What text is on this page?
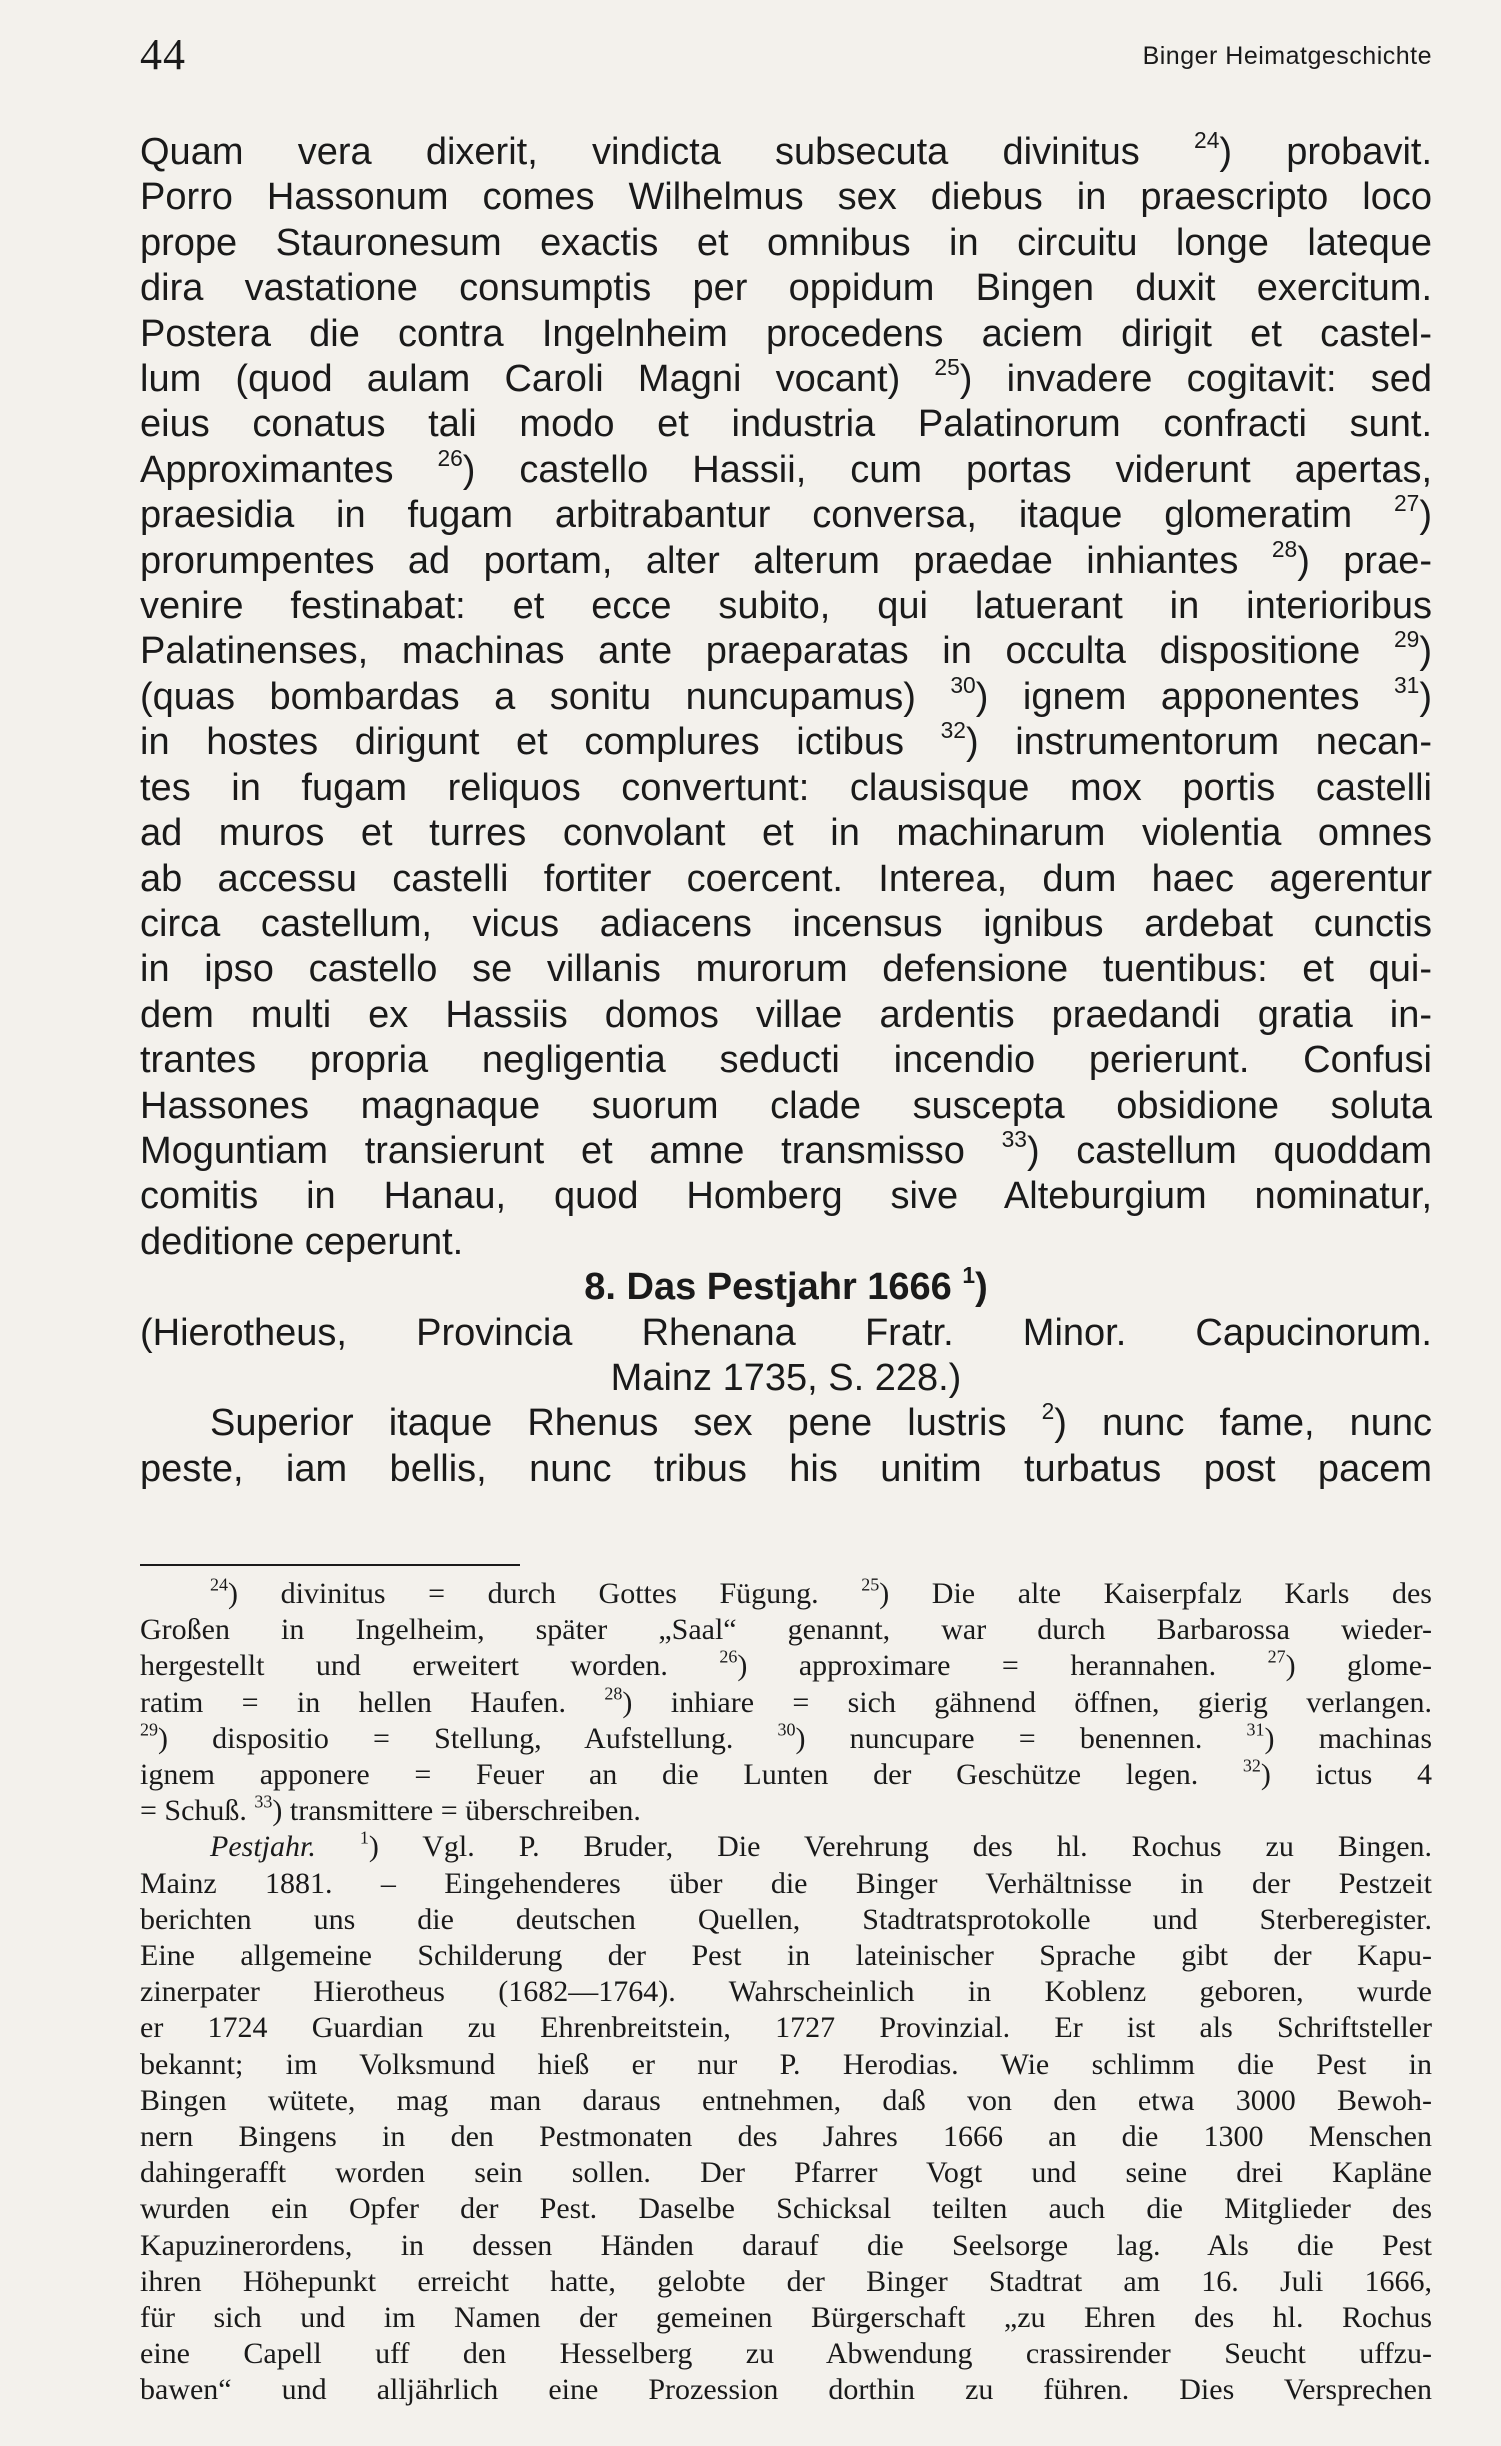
44	Binger Heimatgeschichte
Quam vera dixerit, vindicta subsecuta divinitus $^{24}$) probavit.
Porro Hassonum comes Wilhelmus sex diebus in praescripto loco
prope Stauronesum exactis et omnibus in circuitu longe lateque
dira vastatione consumptis per oppidum Bingen duxit exercitum.
Postera die contra Ingelnheim procedens aciem dirigit et castel-
lum (quod aulam Caroli Magni vocant) $^{25}$) invadere cogitavit: sed
eius conatus tali modo et industria Palatinorum confracti sunt.
Approximantes $^{26}$) castello Hassii, cum portas viderunt apertas,
praesidia in fugam arbitrabantur conversa, itaque glomeratim $^{27}$)
prorumpentes ad portam, alter alterum praedae inhiantes $^{28}$) prae-
venire festinabat: et ecce subito, qui latuerant in interioribus
Palatinenses, machinas ante praeparatas in occulta dispositione $^{29}$)
(quas bombardas a sonitu nuncupamus) $^{30}$) ignem apponentes $^{31}$)
in hostes dirigunt et complures ictibus $^{32}$) instrumentorum necan-
tes in fugam reliquos convertunt: clausisque mox portis castelli
ad muros et turres convolant et in machinarum violentia omnes
ab accessu castelli fortiter coercent. Interea, dum haec agerentur
circa castellum, vicus adiacens incensus ignibus ardebat cunctis
in ipso castello se villanis murorum defensione tuentibus: et qui-
dem multi ex Hassiis domos villae ardentis praedandi gratia in-
trantes propria negligentia seducti incendio perierunt. Confusi
Hassones magnaque suorum clade suscepta obsidione soluta
Moguntiam transierunt et amne transmisso $^{33}$) castellum quoddam
comitis in Hanau, quod Homberg sive Alteburgium nominatur,
deditione ceperunt.
8. Das Pestjahr 1666 $^1$)
(Hierotheus, Provincia Rhenana Fratr. Minor. Capucinorum.
Mainz 1735, S. 228.)
Superior itaque Rhenus sex pene lustris $^2$) nunc fame, nunc
peste, iam bellis, nunc tribus his unitim turbatus post pacem
$^{24}$) divinitus = durch Gottes Fügung. $^{25}$) Die alte Kaiserpfalz Karls des
Großen in Ingelheim, später „Saal“ genannt, war durch Barbarossa wieder-
hergestellt und erweitert worden. $^{26}$) approximare = herannahen. $^{27}$) glome-
ratim = in hellen Haufen. $^{28}$) inhiare = sich gähnend öffnen, gierig verlangen.
$^{29}$) dispositio = Stellung, Aufstellung. $^{30}$) nuncupare = benennen. $^{31}$) machinas
ignem apponere = Feuer an die Lunten der Geschütze legen. $^{32}$) ictus 4
= Schuß. $^{33}$) transmittere = überschreiben.
Pestjahr. $^1$) Vgl. P. Bruder, Die Verehrung des hl. Rochus zu Bingen.
Mainz 1881. – Eingehenderes über die Binger Verhältnisse in der Pestzeit
berichten uns die deutschen Quellen, Stadtratsprotokolle und Sterberegister.
Eine allgemeine Schilderung der Pest in lateinischer Sprache gibt der Kapu-
zinerpater Hierotheus (1682—1764). Wahrscheinlich in Koblenz geboren, wurde
er 1724 Guardian zu Ehrenbreitstein, 1727 Provinzial. Er ist als Schriftsteller
bekannt; im Volksmund hieß er nur P. Herodias. Wie schlimm die Pest in
Bingen wütete, mag man daraus entnehmen, daß von den etwa 3000 Bewoh-
nern Bingens in den Pestmonaten des Jahres 1666 an die 1300 Menschen
dahingerafft worden sein sollen. Der Pfarrer Vogt und seine drei Kapläne
wurden ein Opfer der Pest. Daselbe Schicksal teilten auch die Mitglieder des
Kapuzinerordens, in dessen Händen darauf die Seelsorge lag. Als die Pest
ihren Höhepunkt erreicht hatte, gelobte der Binger Stadtrat am 16. Juli 1666,
für sich und im Namen der gemeinen Bürgerschaft „zu Ehren des hl. Rochus
eine Capell uff den Hesselberg zu Abwendung crassirender Seucht uffzu-
bawen“ und alljährlich eine Prozession dorthin zu führen. Dies Versprechen
